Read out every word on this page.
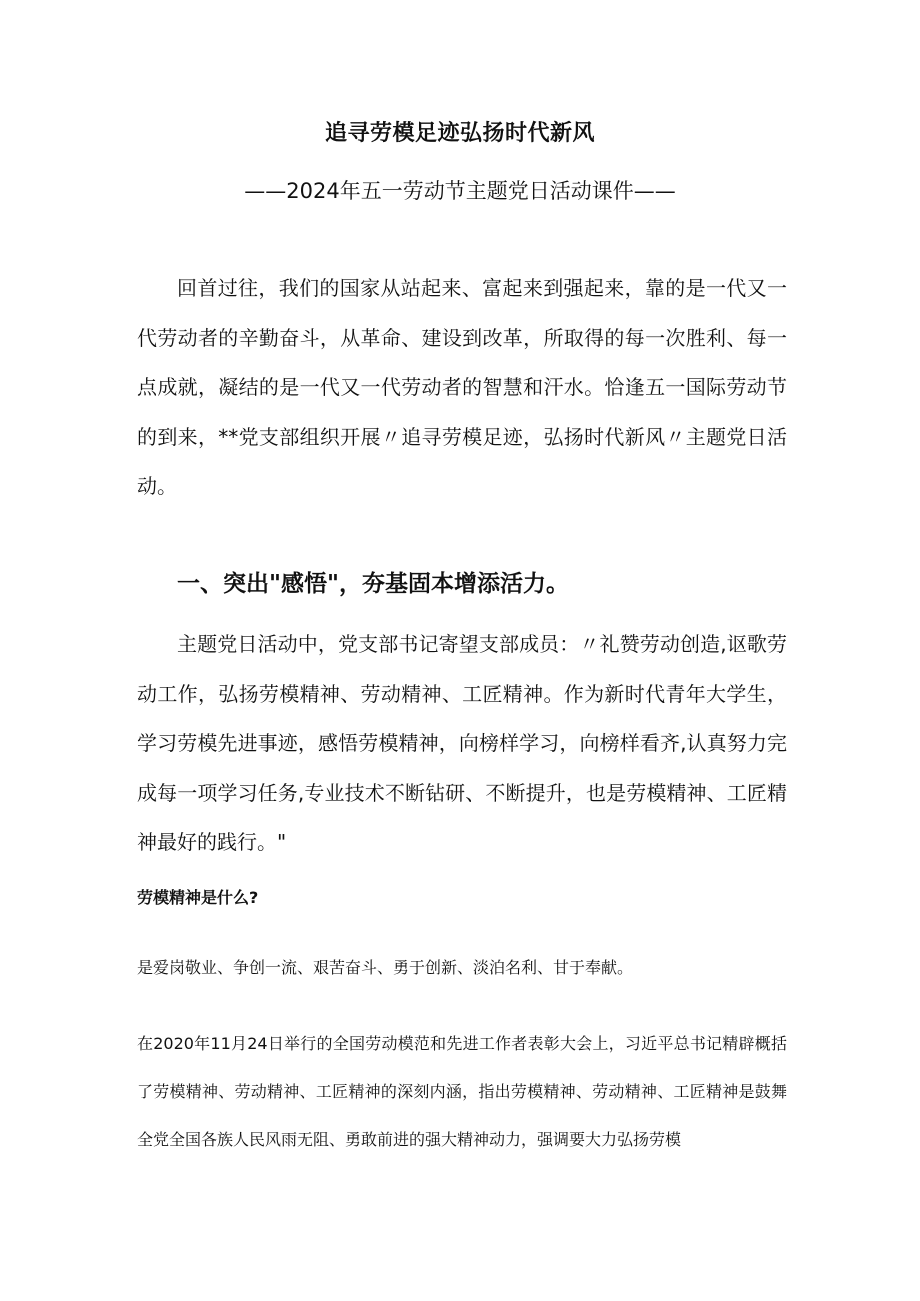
追寻劳模足迹弘扬时代新风
——2024年五一劳动节主题党日活动课件——

回首过往，我们的国家从站起来、富起来到强起来，靠的是一代又一代劳动者的辛勤奋斗，从革命、建设到改革，所取得的每一次胜利、每一点成就，凝结的是一代又一代劳动者的智慧和汗水。恰逢五一国际劳动节的到来，**党支部组织开展〃追寻劳模足迹，弘扬时代新风〃主题党日活动。

一、突出"感悟"，夯基固本增添活力。

主题党日活动中，党支部书记寄望支部成员：〃礼赞劳动创造,讴歌劳动工作，弘扬劳模精神、劳动精神、工匠精神。作为新时代青年大学生，学习劳模先进事迹，感悟劳模精神，向榜样学习，向榜样看齐,认真努力完成每一项学习任务,专业技术不断钻研、不断提升，也是劳模精神、工匠精神最好的践行。"

劳模精神是什么?
是爱岗敬业、争创一流、艰苦奋斗、勇于创新、淡泊名利、甘于奉献。

在2020年11月24日举行的全国劳动模范和先进工作者表彰大会上，习近平总书记精辟概括了劳模精神、劳动精神、工匠精神的深刻内涵，指出劳模精神、劳动精神、工匠精神是鼓舞全党全国各族人民风雨无阻、勇敢前进的强大精神动力，强调要大力弘扬劳模
